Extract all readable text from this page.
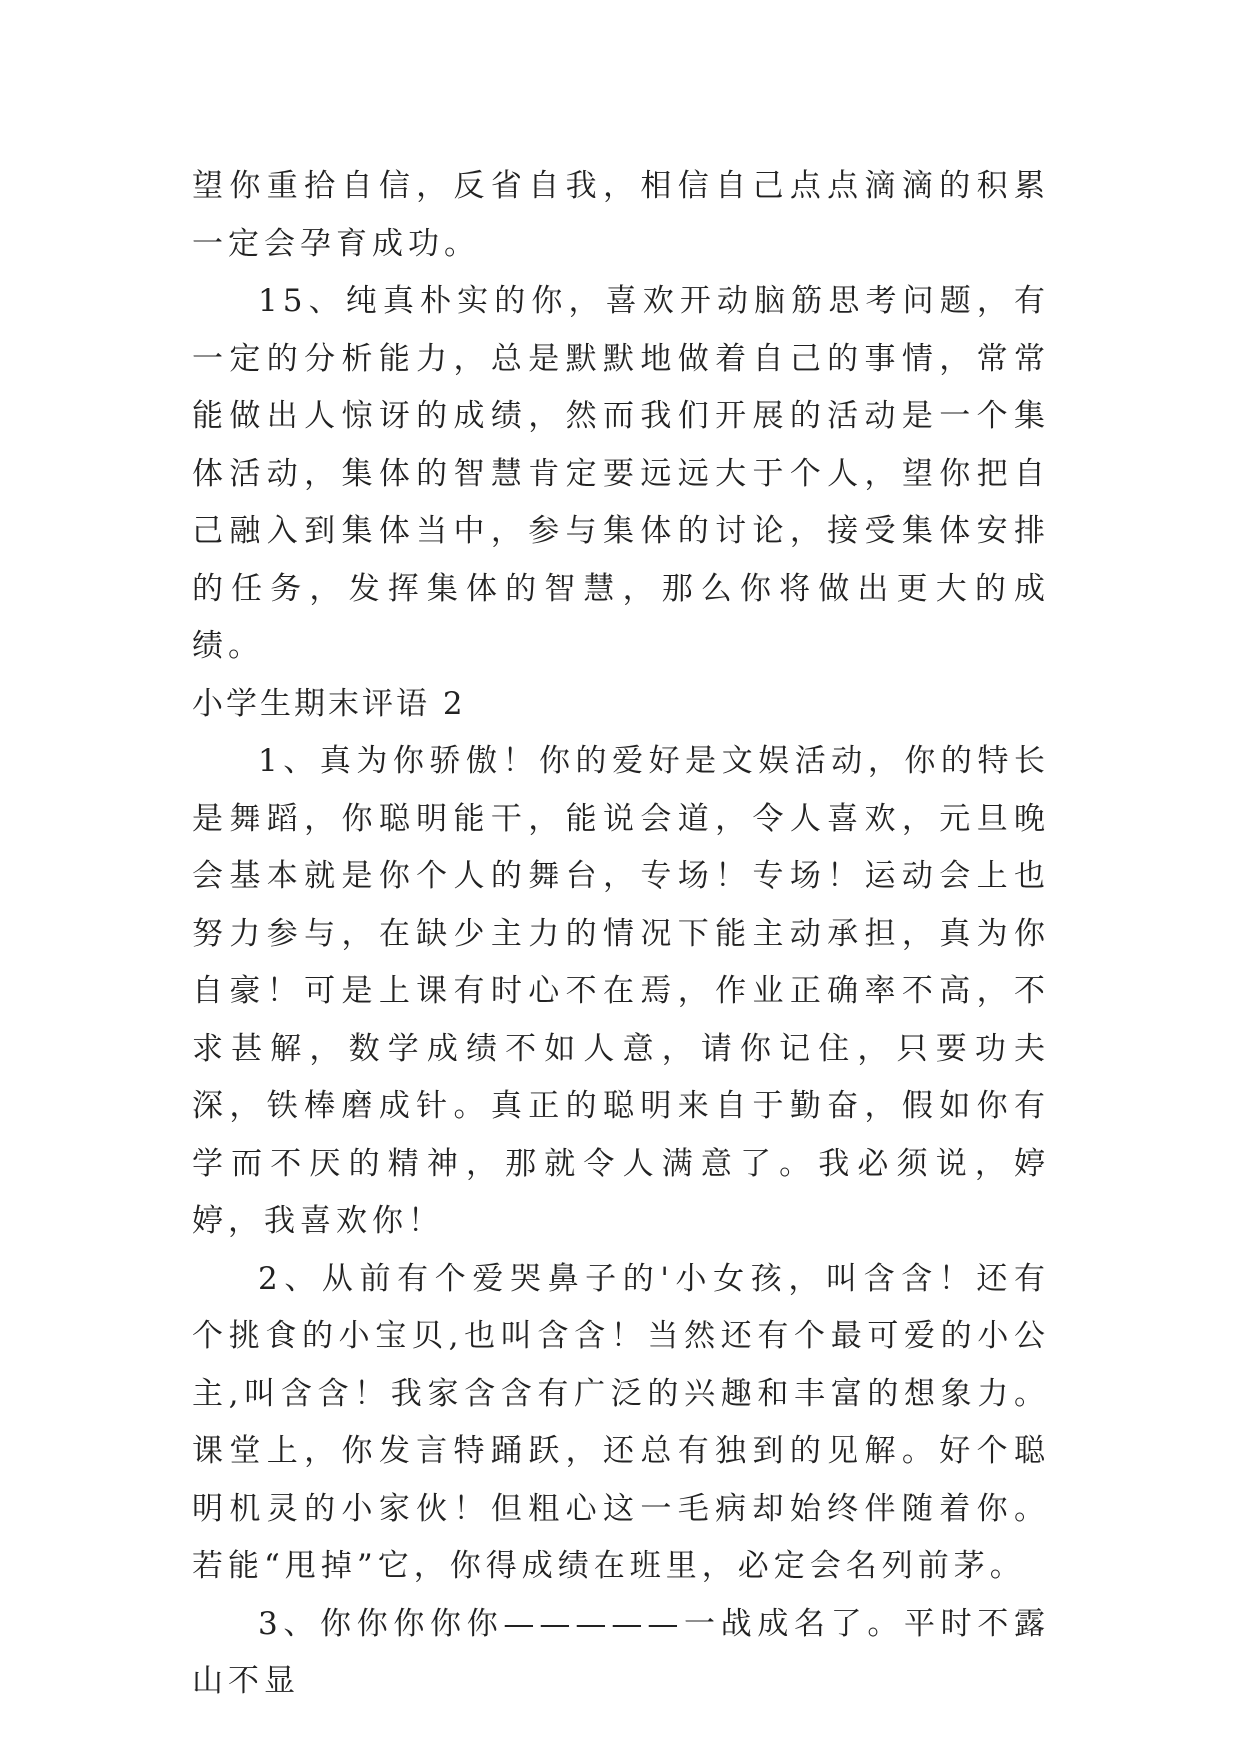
望你重拾自信，反省自我，相信自己点点滴滴的积累一定会孕育成功。

15、纯真朴实的你，喜欢开动脑筋思考问题，有一定的分析能力，总是默默地做着自己的事情，常常能做出人惊讶的成绩，然而我们开展的活动是一个集体活动，集体的智慧肯定要远远大于个人，望你把自己融入到集体当中，参与集体的讨论，接受集体安排的任务，发挥集体的智慧，那么你将做出更大的成绩。

小学生期末评语 2

1、真为你骄傲！你的爱好是文娱活动，你的特长是舞蹈，你聪明能干，能说会道，令人喜欢，元旦晚会基本就是你个人的舞台，专场！专场！运动会上也努力参与，在缺少主力的情况下能主动承担，真为你自豪！可是上课有时心不在焉，作业正确率不高，不求甚解，数学成绩不如人意，请你记住，只要功夫深，铁棒磨成针。真正的聪明来自于勤奋，假如你有学而不厌的精神，那就令人满意了。我必须说，婷婷，我喜欢你！

2、从前有个爱哭鼻子的'小女孩，叫含含！还有个挑食的小宝贝,也叫含含！当然还有个最可爱的小公主,叫含含！我家含含有广泛的兴趣和丰富的想象力。课堂上，你发言特踊跃，还总有独到的见解。好个聪明机灵的小家伙！但粗心这一毛病却始终伴随着你。若能“甩掉”它，你得成绩在班里，必定会名列前茅。

3、你你你你你—————一战成名了。平时不露山不显
